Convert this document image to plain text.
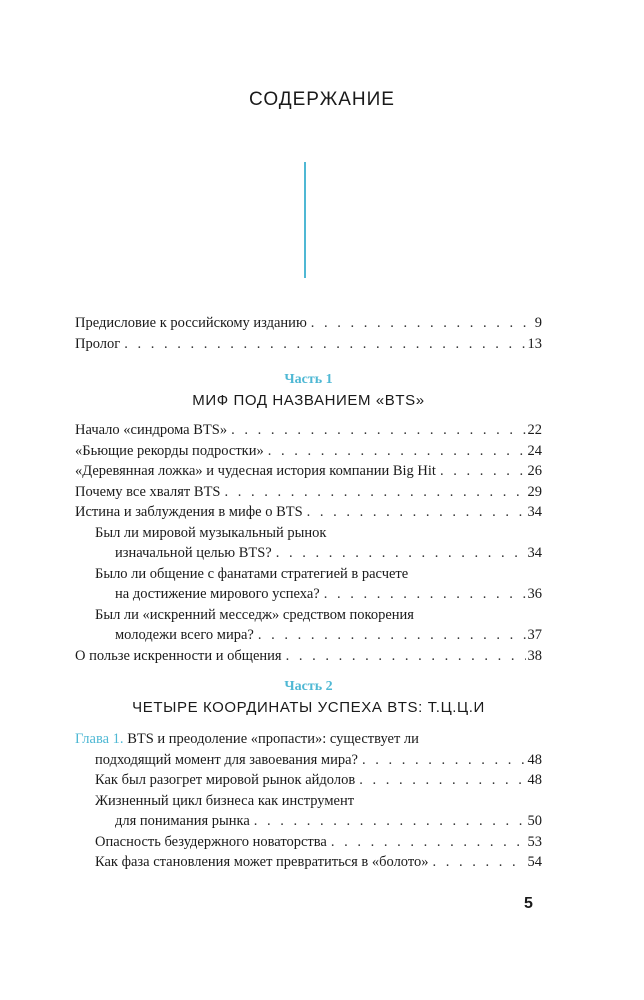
СОДЕРЖАНИЕ
Предисловие к российскому изданию . . .	9
Пролог . . .	13
Часть 1
МИФ ПОД НАЗВАНИЕМ «BTS»
Начало «синдрома BTS» . . .	22
«Бьющие рекорды подростки» . . .	24
«Деревянная ложка» и чудесная история компании Big Hit . . .	26
Почему все хвалят BTS . . .	29
Истина и заблуждения в мифе о BTS . . .	34
Был ли мировой музыкальный рынок
изначальной целью BTS? . . .	34
Было ли общение с фанатами стратегией в расчете
на достижение мирового успеха? . . .	36
Был ли «искренний месседж» средством покорения
молодежи всего мира? . . .	37
О пользе искренности и общения . . .	38
Часть 2
ЧЕТЫРЕ КООРДИНАТЫ УСПЕХА BTS: Т.Ц.Ц.И
Глава 1. BTS и преодоление «пропасти»: существует ли
подходящий момент для завоевания мира? . . .	48
Как был разогрет мировой рынок айдолов . . .	48
Жизненный цикл бизнеса как инструмент
для понимания рынка . . .	50
Опасность безудержного новаторства . . .	53
Как фаза становления может превратиться в «болото» . . .	54
5
